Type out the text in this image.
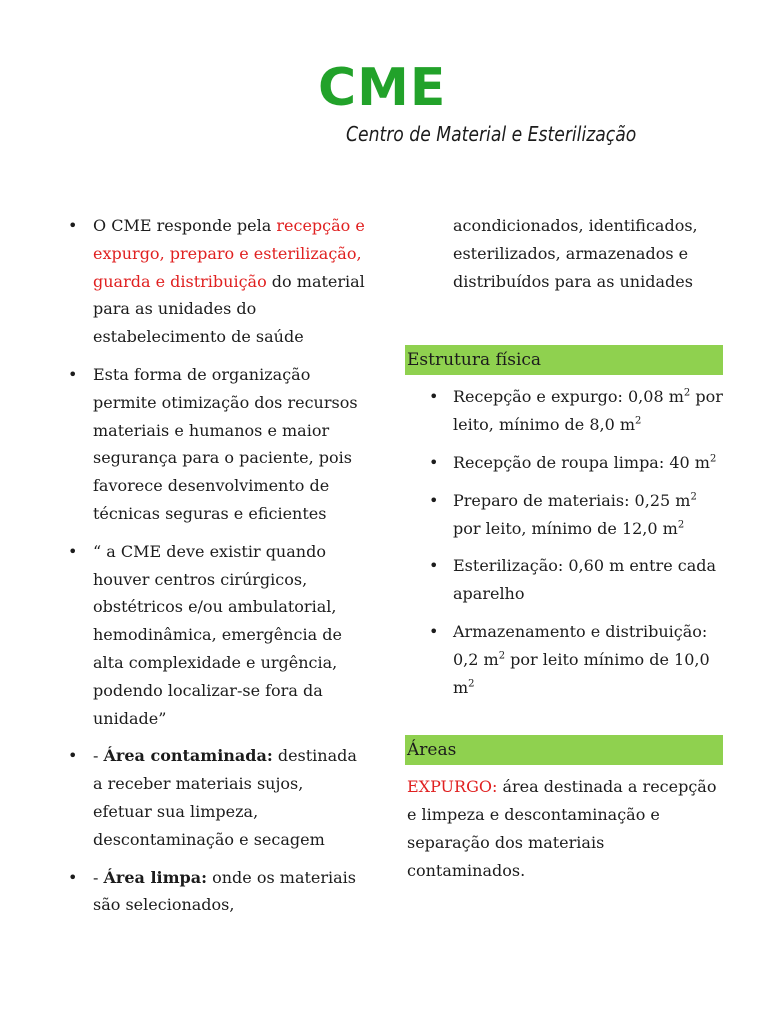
CME
Centro de Material e Esterilização
• O CME responde pela recepção e expurgo, preparo e esterilização, guarda e distribuição do material para as unidades do estabelecimento de saúde
• Esta forma de organização permite otimização dos recursos materiais e humanos e maior segurança para o paciente, pois favorece desenvolvimento de técnicas seguras e eficientes
• “ a CME deve existir quando houver centros cirúrgicos, obstétricos e/ou ambulatorial, hemodinâmica, emergência de alta complexidade e urgência, podendo localizar-se fora da unidade”
• - Área contaminada: destinada a receber materiais sujos, efetuar sua limpeza, descontaminação e secagem
• - Área limpa: onde os materiais são selecionados,

acondicionados, identificados, esterilizados, armazenados e distribuídos para as unidades

Estrutura física
• Recepção e expurgo: 0,08 $m^2$ por leito, mínimo de 8,0 $m^2$
• Recepção de roupa limpa: 40 $m^2$
• Preparo de materiais: 0,25 $m^2$ por leito, mínimo de 12,0 $m^2$
• Esterilização: 0,60 m entre cada aparelho
• Armazenamento e distribuição: 0,2 $m^2$ por leito mínimo de 10,0 $m^2$
Áreas

EXPURGO: área destinada a recepção e limpeza e descontaminação e separação dos materiais contaminados.
